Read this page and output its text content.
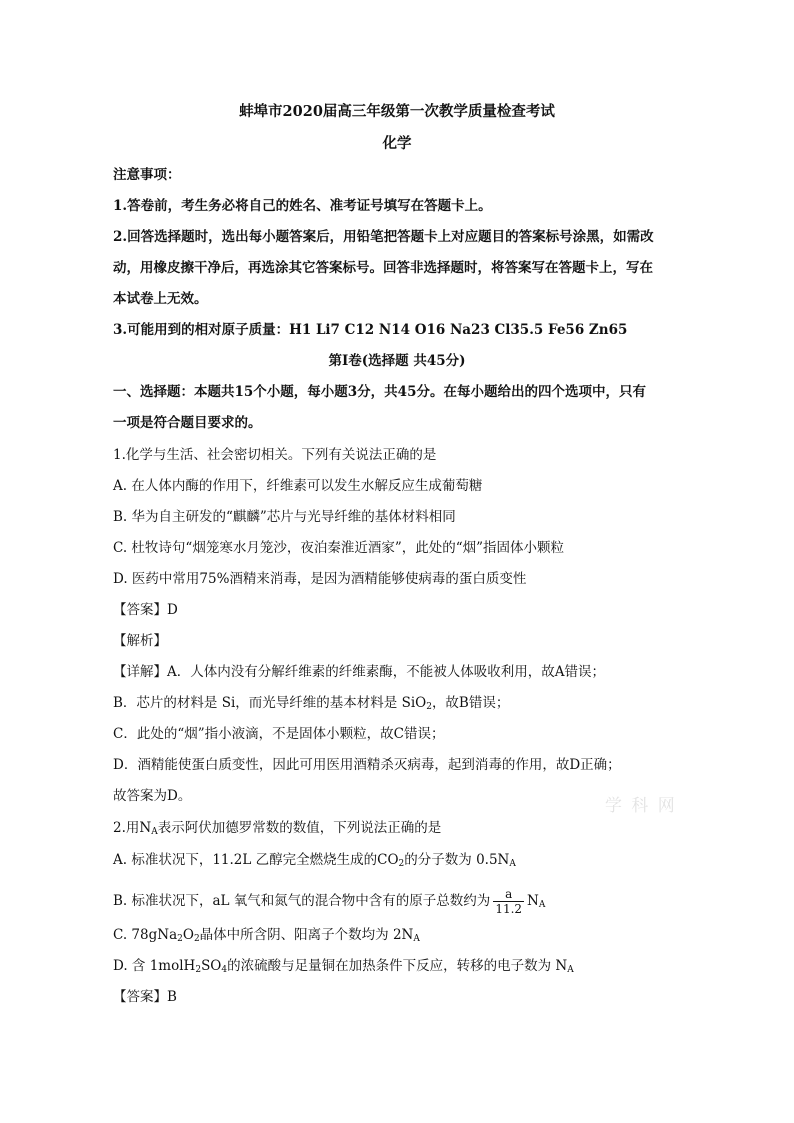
蚌埠市2020届高三年级第一次教学质量检查考试
化学
注意事项：
1.答卷前，考生务必将自己的姓名、准考证号填写在答题卡上。
2.回答选择题时，选出每小题答案后，用铅笔把答题卡上对应题目的答案标号涂黑，如需改
动，用橡皮擦干净后，再选涂其它答案标号。回答非选择题时，将答案写在答题卡上，写在
本试卷上无效。
3.可能用到的相对原子质量：H1 Li7 C12 N14 O16 Na23 Cl35.5 Fe56 Zn65
第Ⅰ卷(选择题 共45分)
一、选择题：本题共15个小题，每小题3分，共45分。在每小题给出的四个选项中，只有
一项是符合题目要求的。
1.化学与生活、社会密切相关。下列有关说法正确的是
A. 在人体内酶的作用下，纤维素可以发生水解反应生成葡萄糖
B. 华为自主研发的“麒麟”芯片与光导纤维的基体材料相同
C. 杜牧诗句“烟笼寒水月笼沙，夜泊秦淮近酒家”，此处的“烟”指固体小颗粒
D. 医药中常用75%酒精来消毒，是因为酒精能够使病毒的蛋白质变性
【答案】D
【解析】
【详解】A．人体内没有分解纤维素的纤维素酶，不能被人体吸收利用，故A错误；
B．芯片的材料是 Si，而光导纤维的基本材料是 SiO$_2$，故B错误；
C．此处的“烟”指小液滴，不是固体小颗粒，故C错误；
D．酒精能使蛋白质变性，因此可用医用酒精杀灭病毒，起到消毒的作用，故D正确；
故答案为D。
2.用$N_A$表示阿伏加德罗常数的数值，下列说法正确的是
A. 标准状况下，11.2L 乙醇完全燃烧生成的$CO_2$的分子数为 $0.5N_A$
B. 标准状况下，aL 氧气和氮气的混合物中含有的原子总数约为 $\frac{a}{11.2} N_A$
C. $78gNa_2O_2$晶体中所含阴、阳离子个数均为 $2N_A$
D. 含 $1molH_2SO_4$的浓硫酸与足量铜在加热条件下反应，转移的电子数为 $N_A$
【答案】B
学 科 网
